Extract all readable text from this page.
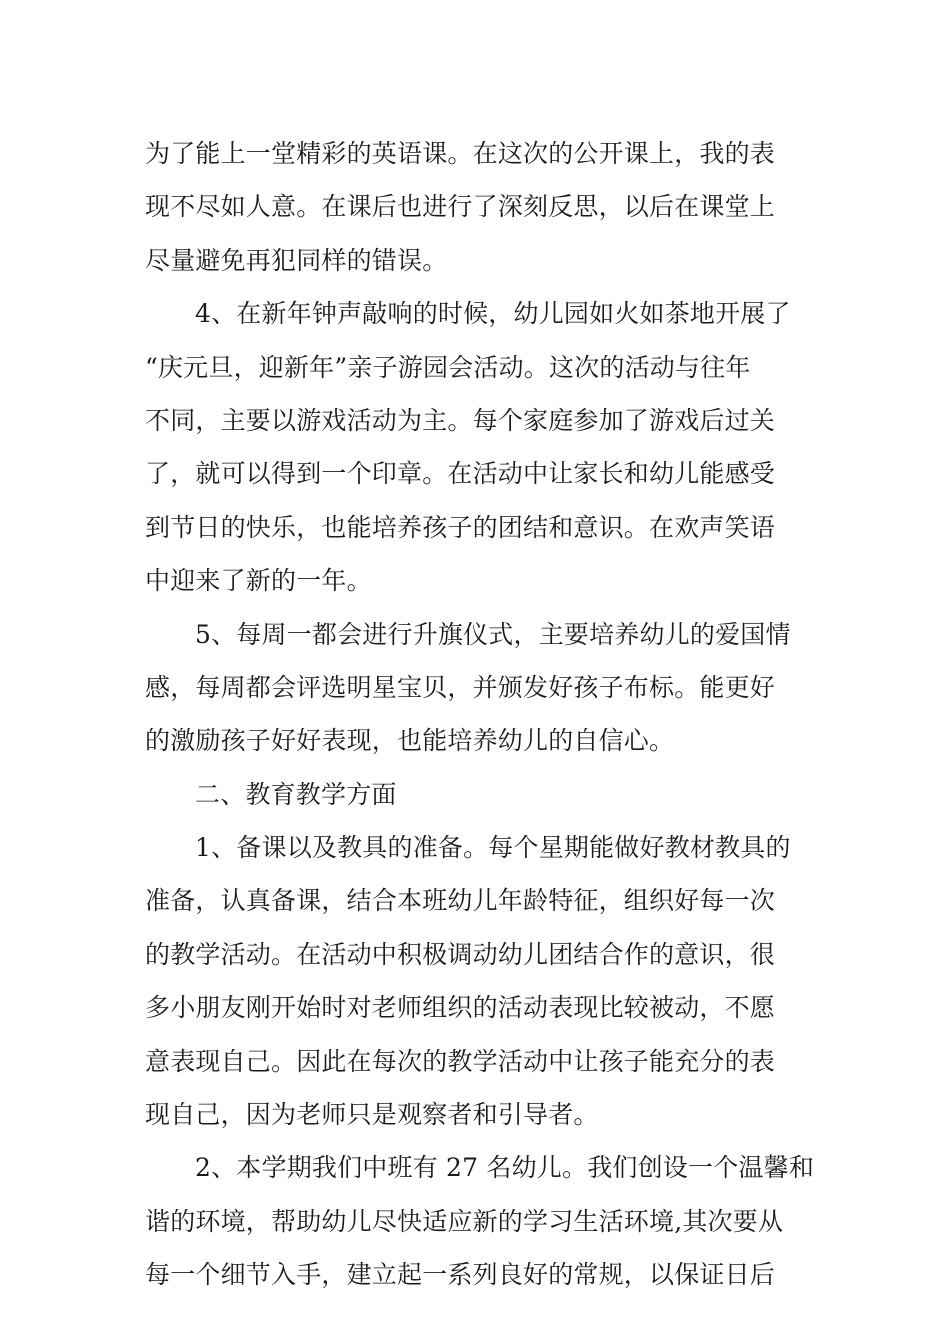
为了能上一堂精彩的英语课。在这次的公开课上，我的表
现不尽如人意。在课后也进行了深刻反思，以后在课堂上
尽量避免再犯同样的错误。
4、在新年钟声敲响的时候，幼儿园如火如茶地开展了
“庆元旦，迎新年”亲子游园会活动。这次的活动与往年
不同，主要以游戏活动为主。每个家庭参加了游戏后过关
了，就可以得到一个印章。在活动中让家长和幼儿能感受
到节日的快乐，也能培养孩子的团结和意识。在欢声笑语
中迎来了新的一年。
5、每周一都会进行升旗仪式，主要培养幼儿的爱国情
感，每周都会评选明星宝贝，并颁发好孩子布标。能更好
的激励孩子好好表现，也能培养幼儿的自信心。
二、教育教学方面
1、备课以及教具的准备。每个星期能做好教材教具的
准备，认真备课，结合本班幼儿年龄特征，组织好每一次
的教学活动。在活动中积极调动幼儿团结合作的意识，很
多小朋友刚开始时对老师组织的活动表现比较被动，不愿
意表现自己。因此在每次的教学活动中让孩子能充分的表
现自己，因为老师只是观察者和引导者。
2、本学期我们中班有 27 名幼儿。我们创设一个温馨和
谐的环境，帮助幼儿尽快适应新的学习生活环境,其次要从
每一个细节入手，建立起一系列良好的常规，以保证日后
